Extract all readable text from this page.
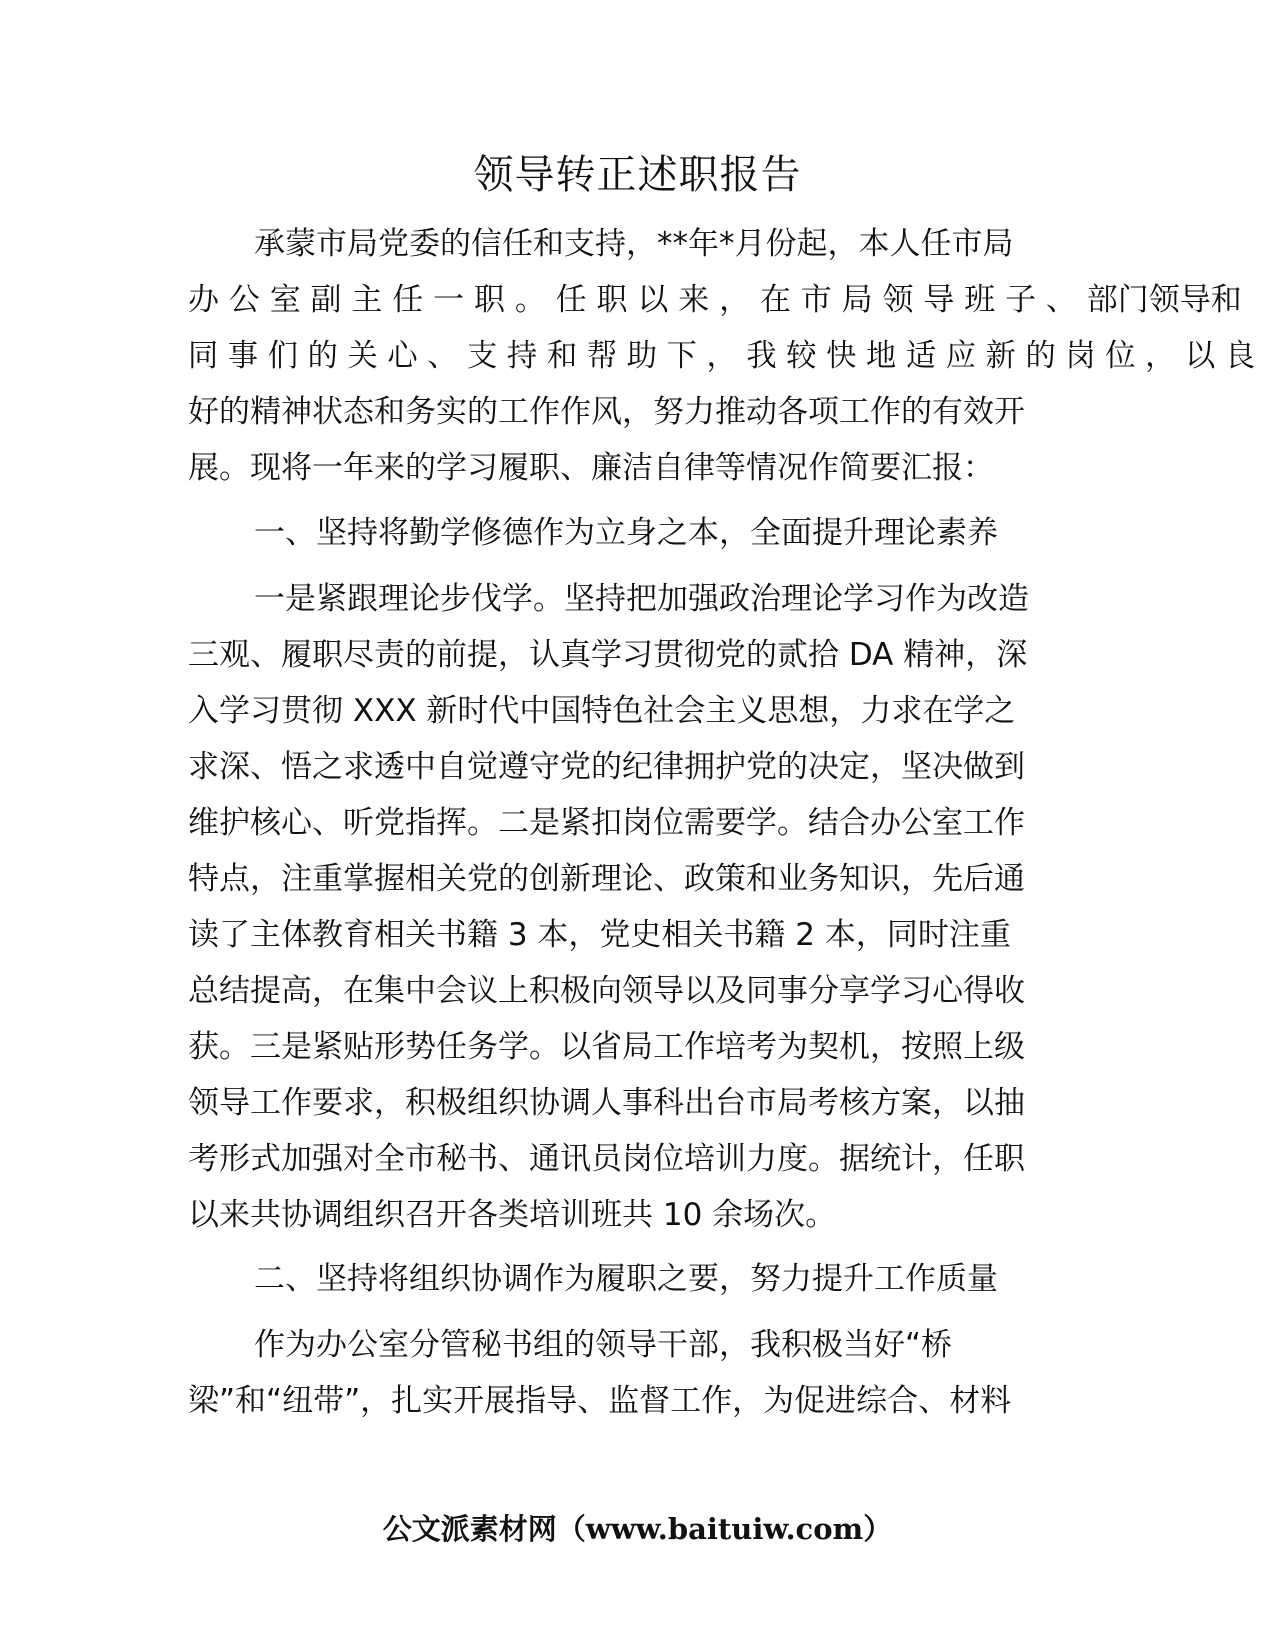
领导转正述职报告
承蒙市局党委的信任和支持，**年*月份起，本人任市局
办 公 室 副 主 任 一 职 。 任 职 以 来 ， 在 市 局 领 导 班 子 、 部门领导和
同 事 们 的 关 心 、 支 持 和 帮 助 下 ， 我 较 快 地 适 应 新 的 岗 位 ， 以 良
好的精神状态和务实的工作作风，努力推动各项工作的有效开
展。现将一年来的学习履职、廉洁自律等情况作简要汇报：
一、坚持将勤学修德作为立身之本，全面提升理论素养
一是紧跟理论步伐学。坚持把加强政治理论学习作为改造
三观、履职尽责的前提，认真学习贯彻党的贰拾 DA 精神，深
入学习贯彻 XXX 新时代中国特色社会主义思想，力求在学之
求深、悟之求透中自觉遵守党的纪律拥护党的决定，坚决做到
维护核心、听党指挥。二是紧扣岗位需要学。结合办公室工作
特点，注重掌握相关党的创新理论、政策和业务知识，先后通
读了主体教育相关书籍 3 本，党史相关书籍 2 本，同时注重
总结提高，在集中会议上积极向领导以及同事分享学习心得收
获。三是紧贴形势任务学。以省局工作培考为契机，按照上级
领导工作要求，积极组织协调人事科出台市局考核方案，以抽
考形式加强对全市秘书、通讯员岗位培训力度。据统计，任职
以来共协调组织召开各类培训班共 10 余场次。
二、坚持将组织协调作为履职之要，努力提升工作质量
作为办公室分管秘书组的领导干部，我积极当好“桥
梁”和“纽带”，扎实开展指导、监督工作，为促进综合、材料
公文派素材网（www.baituiw.com）
